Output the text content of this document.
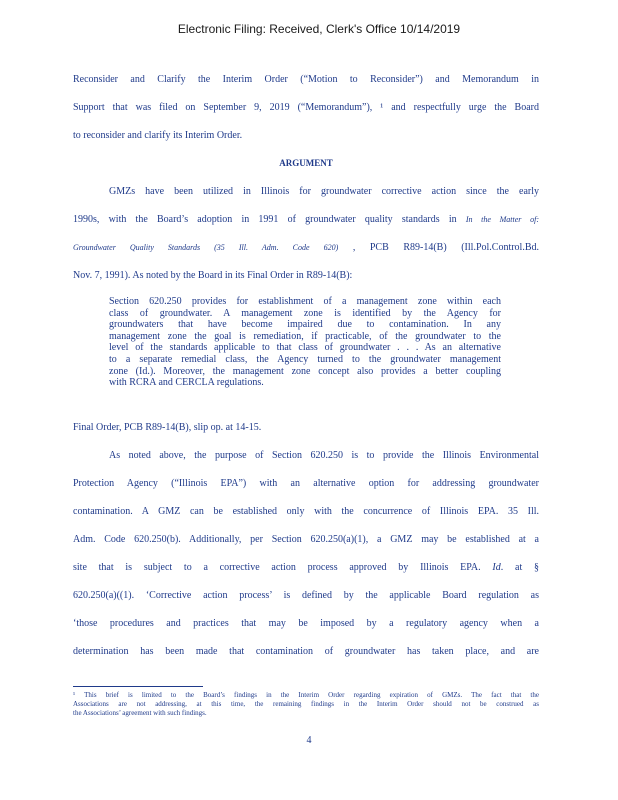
Electronic Filing: Received, Clerk's Office 10/14/2019
Reconsider and Clarify the Interim Order (“Motion to Reconsider”) and Memorandum in
Support that was filed on September 9, 2019 (“Memorandum”), ¹ and respectfully urge the Board
to reconsider and clarify its Interim Order.
ARGUMENT
GMZs have been utilized in Illinois for groundwater corrective action since the early
1990s, with the Board’s adoption in 1991 of groundwater quality standards in In the Matter of:
Groundwater Quality Standards (35 Ill. Adm. Code 620) , PCB R89-14(B) (Ill.Pol.Control.Bd.
Nov. 7, 1991). As noted by the Board in its Final Order in R89-14(B):
Section 620.250 provides for establishment of a management zone within each
class of groundwater. A management zone is identified by the Agency for
groundwaters that have become impaired due to contamination. In any
management zone the goal is remediation, if practicable, of the groundwater to the
level of the standards applicable to that class of groundwater . . . As an alternative
to a separate remedial class, the Agency turned to the groundwater management
zone (Id.). Moreover, the management zone concept also provides a better coupling
with RCRA and CERCLA regulations.
Final Order, PCB R89-14(B), slip op. at 14-15.
As noted above, the purpose of Section 620.250 is to provide the Illinois Environmental
Protection Agency (“Illinois EPA”) with an alternative option for addressing groundwater
contamination. A GMZ can be established only with the concurrence of Illinois EPA. 35 Ill.
Adm. Code 620.250(b). Additionally, per Section 620.250(a)(1), a GMZ may be established at a
site that is subject to a corrective action process approved by Illinois EPA. Id. at §
620.250(a)((1). ‘Corrective action process’ is defined by the applicable Board regulation as
‘those procedures and practices that may be imposed by a regulatory agency when a
determination has been made that contamination of groundwater has taken place, and are
¹ This brief is limited to the Board’s findings in the Interim Order regarding expiration of GMZs. The fact that the
Associations are not addressing, at this time, the remaining findings in the Interim Order should not be construed as
the Associations’ agreement with such findings.
4
